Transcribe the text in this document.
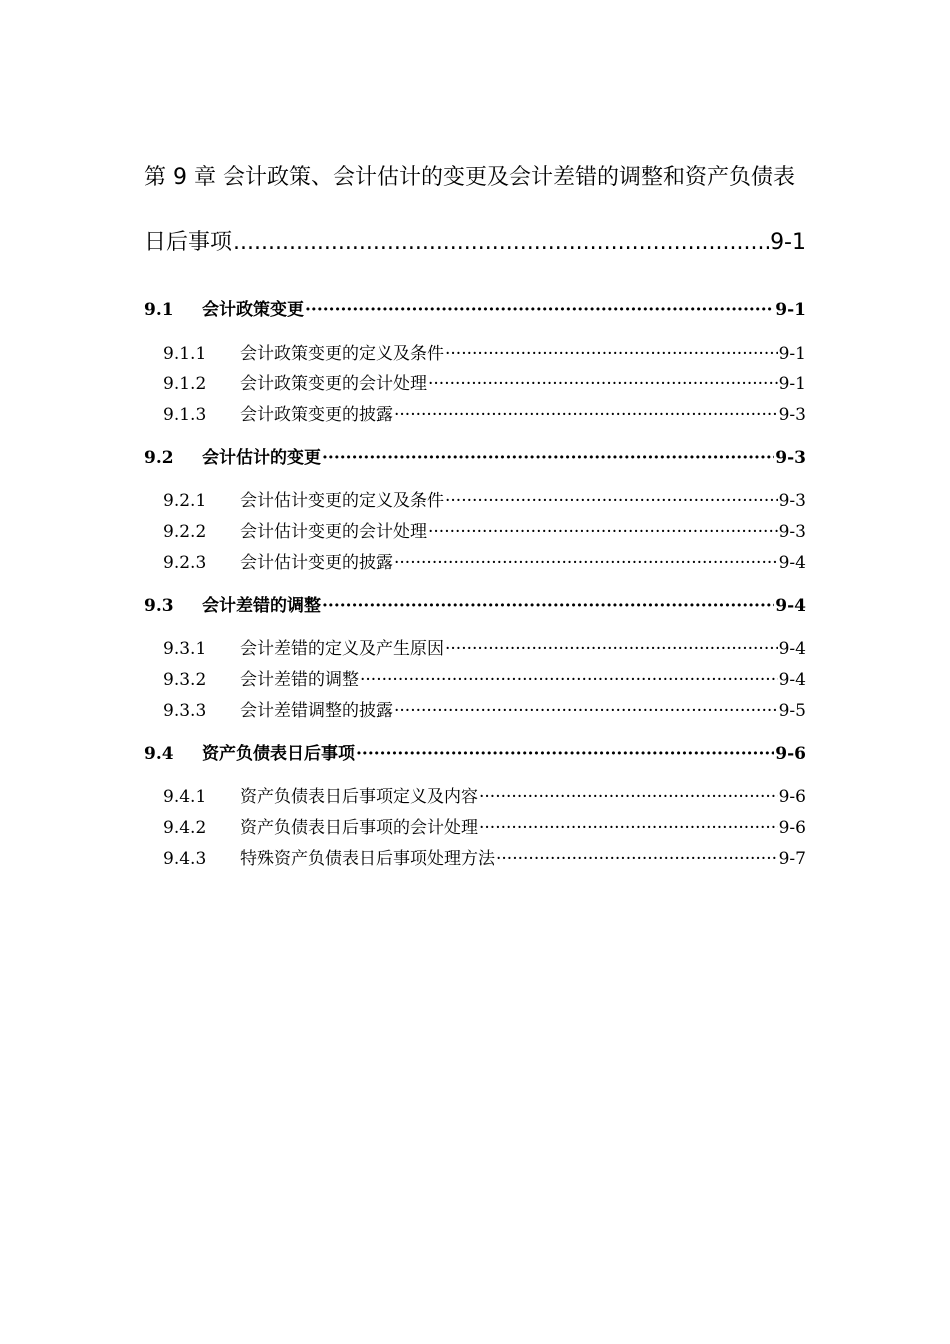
第 9 章 会计政策、会计估计的变更及会计差错的调整和资产负债表
日后事项 .....	9-1
9.1	会计政策变更 ·····	9-1
9.1.1	会计政策变更的定义及条件 ·····	9-1
9.1.2	会计政策变更的会计处理 ·····	9-1
9.1.3	会计政策变更的披露 ·····	9-3
9.2	会计估计的变更 ·····	9-3
9.2.1	会计估计变更的定义及条件 ·····	9-3
9.2.2	会计估计变更的会计处理 ·····	9-3
9.2.3	会计估计变更的披露 ·····	9-4
9.3	会计差错的调整 ·····	9-4
9.3.1	会计差错的定义及产生原因 ·····	9-4
9.3.2	会计差错的调整 ·····	9-4
9.3.3	会计差错调整的披露 ·····	9-5
9.4	资产负债表日后事项 ·····	9-6
9.4.1	资产负债表日后事项定义及内容 ·····	9-6
9.4.2	资产负债表日后事项的会计处理 ·····	9-6
9.4.3	特殊资产负债表日后事项处理方法 ·····	9-7
